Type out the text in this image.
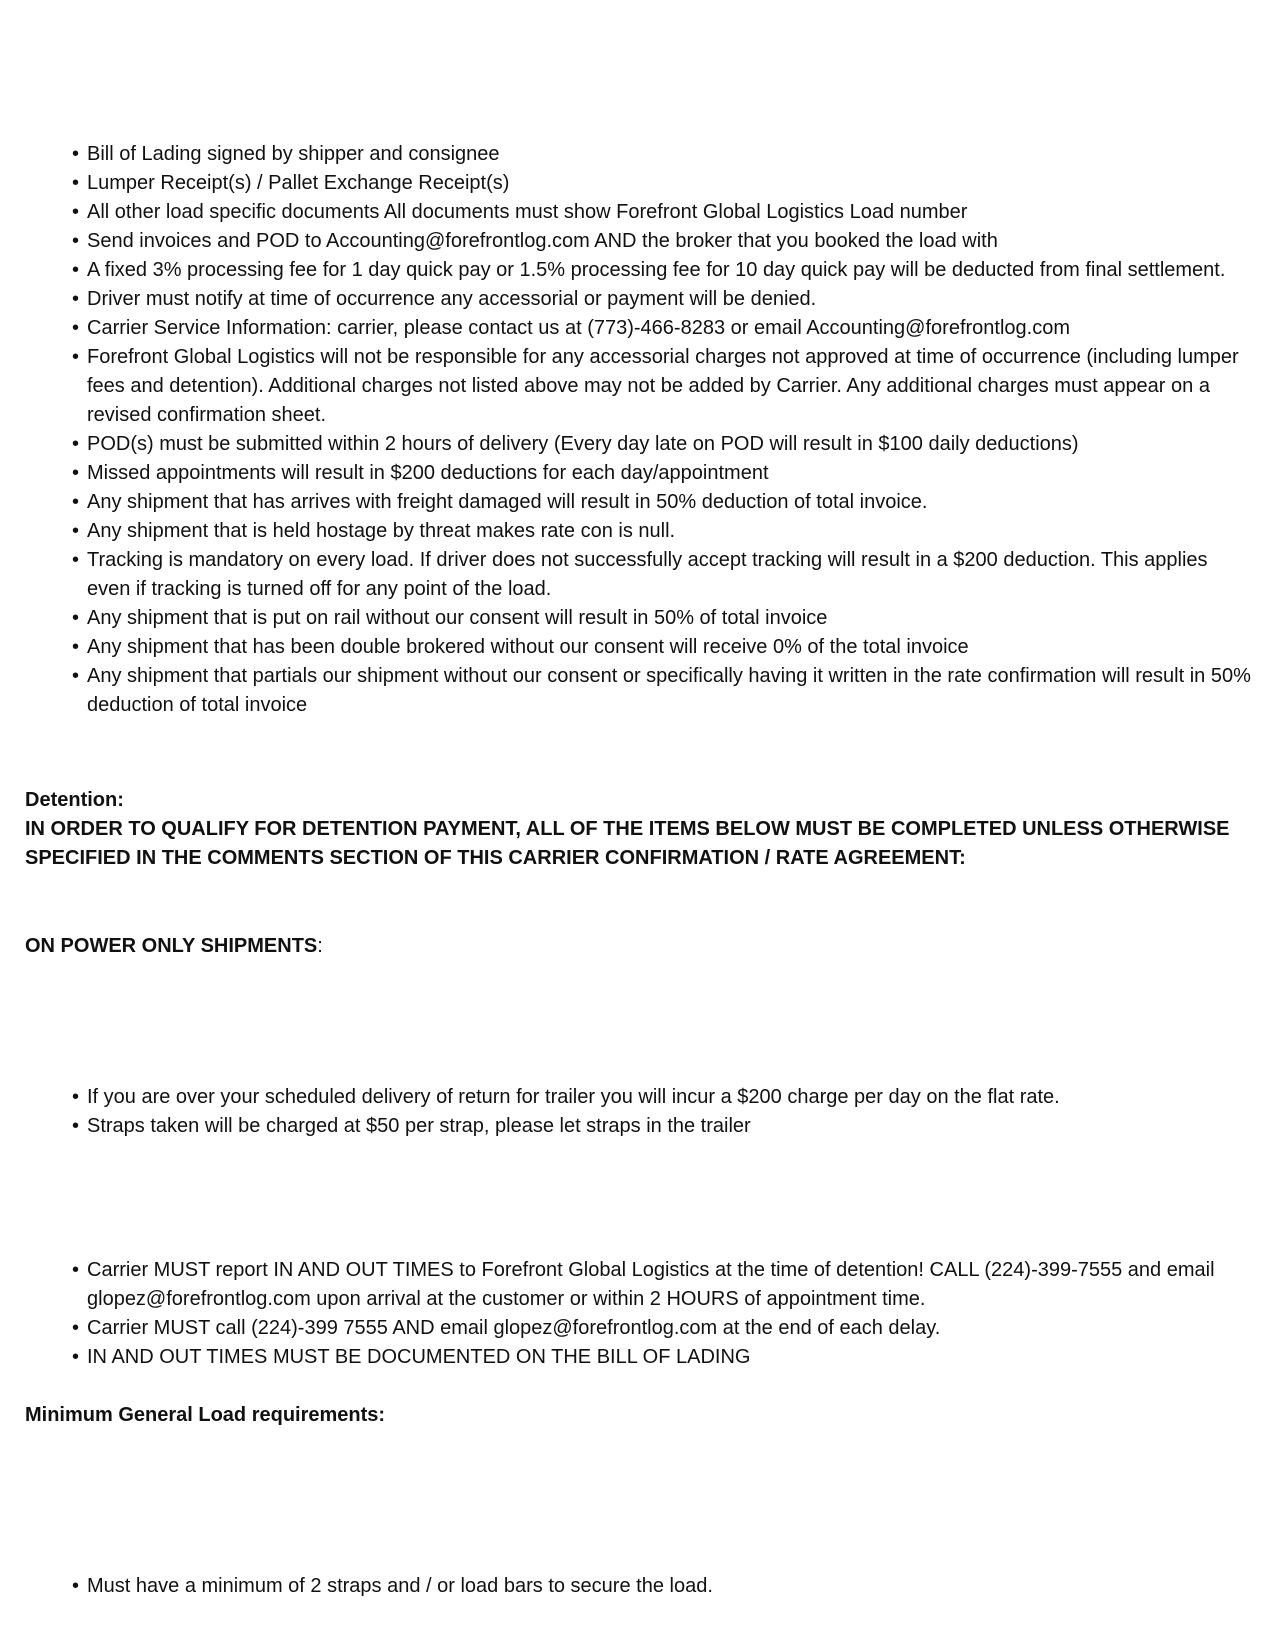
• Bill of Lading signed by shipper and consignee
• Lumper Receipt(s) / Pallet Exchange Receipt(s)
• All other load specific documents All documents must show Forefront Global Logistics Load number
• Send invoices and POD to Accounting@forefrontlog.com AND the broker that you booked the load with
• A fixed 3% processing fee for 1 day quick pay or 1.5% processing fee for 10 day quick pay will be deducted from final settlement.
• Driver must notify at time of occurrence any accessorial or payment will be denied.
• Carrier Service Information: carrier, please contact us at (773)-466-8283 or email Accounting@forefrontlog.com
• Forefront Global Logistics will not be responsible for any accessorial charges not approved at time of occurrence (including lumper fees and detention). Additional charges not listed above may not be added by Carrier. Any additional charges must appear on a revised confirmation sheet.
• POD(s) must be submitted within 2 hours of delivery (Every day late on POD will result in $100 daily deductions)
• Missed appointments will result in $200 deductions for each day/appointment
• Any shipment that has arrives with freight damaged will result in 50% deduction of total invoice.
• Any shipment that is held hostage by threat makes rate con is null.
• Tracking is mandatory on every load. If driver does not successfully accept tracking will result in a $200 deduction. This applies even if tracking is turned off for any point of the load.
• Any shipment that is put on rail without our consent will result in 50% of total invoice
• Any shipment that has been double brokered without our consent will receive 0% of the total invoice
• Any shipment that partials our shipment without our consent or specifically having it written in the rate confirmation will result in 50% deduction of total invoice

Detention:

IN ORDER TO QUALIFY FOR DETENTION PAYMENT, ALL OF THE ITEMS BELOW MUST BE COMPLETED UNLESS OTHERWISE SPECIFIED IN THE COMMENTS SECTION OF THIS CARRIER CONFIRMATION / RATE AGREEMENT:

ON POWER ONLY SHIPMENTS:

• If you are over your scheduled delivery of return for trailer you will incur a $200 charge per day on the flat rate.
• Straps taken will be charged at $50 per strap, please let straps in the trailer
• Carrier MUST report IN AND OUT TIMES to Forefront Global Logistics at the time of detention! CALL (224)-399-7555 and email glopez@forefrontlog.com upon arrival at the customer or within 2 HOURS of appointment time.
• Carrier MUST call (224)-399 7555 AND email glopez@forefrontlog.com at the end of each delay.
• IN AND OUT TIMES MUST BE DOCUMENTED ON THE BILL OF LADING

Minimum General Load requirements:

• Must have a minimum of 2 straps and / or load bars to secure the load.
